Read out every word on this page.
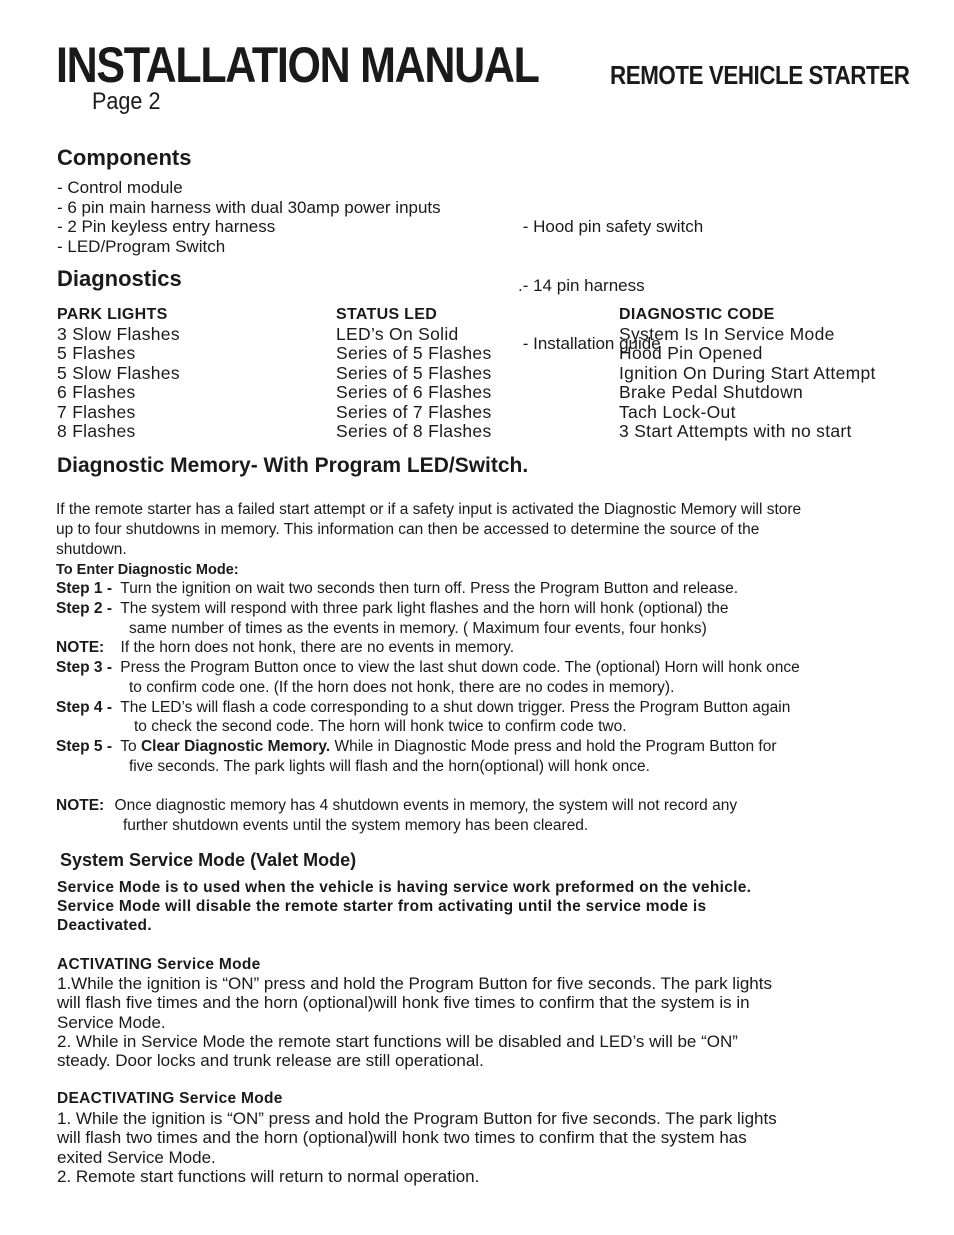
INSTALLATION MANUAL	REMOTE VEHICLE STARTER
Page 2
Components
- Control module
- 6 pin main harness with dual 30amp power inputs
- 2 Pin keyless entry harness
- LED/Program Switch

- Hood pin safety switch

.- 14 pin harness

- Installation guide

Diagnostics
PARK LIGHTS
3 Slow Flashes
5 Flashes
5 Slow Flashes
6 Flashes
7 Flashes
8 Flashes
STATUS LED
LED’s On Solid
Series of 5 Flashes
Series of 5 Flashes
Series of 6 Flashes
Series of 7 Flashes
Series of 8 Flashes
DIAGNOSTIC CODE
System Is In Service Mode
Hood Pin Opened
Ignition On During Start Attempt
Brake Pedal Shutdown
Tach Lock-Out
3 Start Attempts with no start
Diagnostic Memory- With Program LED/Switch.
If the remote starter has a failed start attempt or if a safety input is activated the Diagnostic Memory will store
up to four shutdowns in memory. This information can then be accessed to determine the source of the
shutdown.
To Enter Diagnostic Mode:
Step 1 - Turn the ignition on wait two seconds then turn off. Press the Program Button and release.
Step 2 - The system will respond with three park light flashes and the horn will honk (optional) the
same number of times as the events in memory. ( Maximum four events, four honks)
NOTE: If the horn does not honk, there are no events in memory.
Step 3 - Press the Program Button once to view the last shut down code. The (optional) Horn will honk once
to confirm code one. (If the horn does not honk, there are no codes in memory).
Step 4 - The LED’s will flash a code corresponding to a shut down trigger. Press the Program Button again
to check the second code. The horn will honk twice to confirm code two.
Step 5 - To Clear Diagnostic Memory. While in Diagnostic Mode press and hold the Program Button for
five seconds. The park lights will flash and the horn(optional) will honk once.
NOTE: Once diagnostic memory has 4 shutdown events in memory, the system will not record any
further shutdown events until the system memory has been cleared.
System Service Mode (Valet Mode)
Service Mode is to used when the vehicle is having service work preformed on the vehicle.
Service Mode will disable the remote starter from activating until the service mode is
Deactivated.
ACTIVATING Service Mode
1.While the ignition is “ON” press and hold the Program Button for five seconds. The park lights
will flash five times and the horn (optional)will honk five times to confirm that the system is in
Service Mode.
2. While in Service Mode the remote start functions will be disabled and LED’s will be “ON”
steady. Door locks and trunk release are still operational.
DEACTIVATING Service Mode
1. While the ignition is “ON” press and hold the Program Button for five seconds. The park lights
will flash two times and the horn (optional)will honk two times to confirm that the system has
exited Service Mode.
2. Remote start functions will return to normal operation.
